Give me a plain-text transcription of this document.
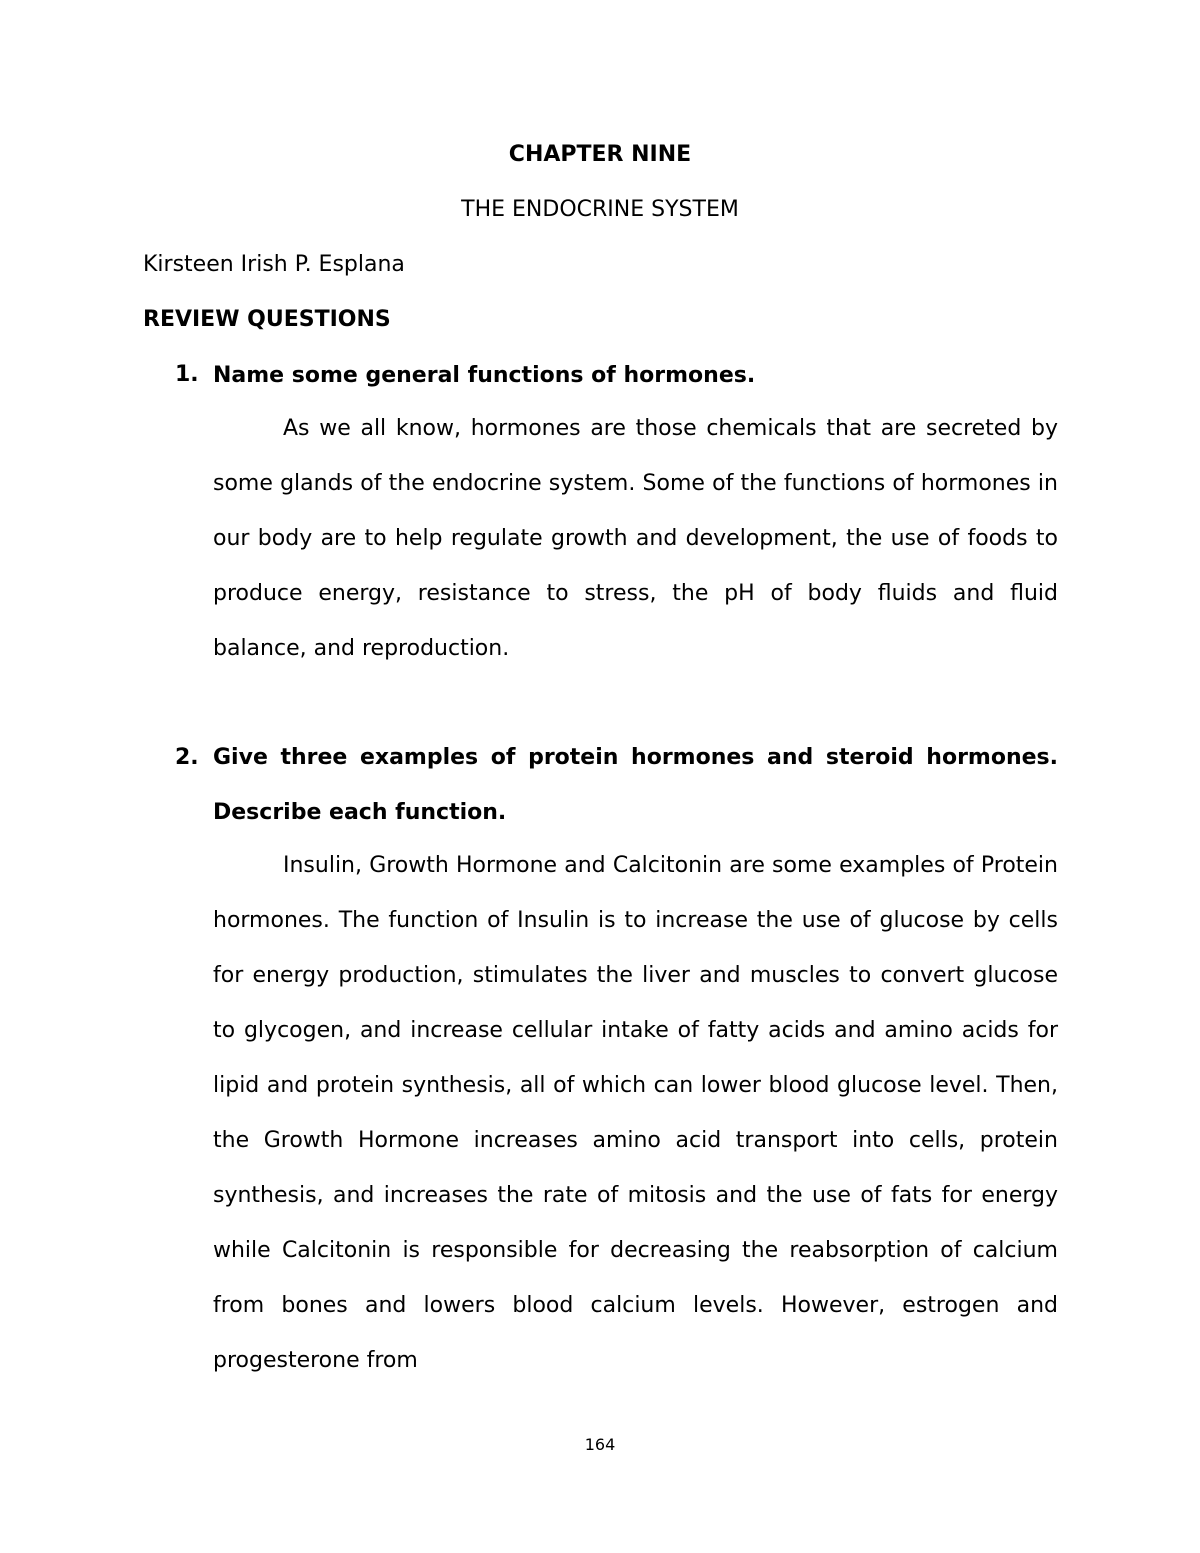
CHAPTER NINE
THE ENDOCRINE SYSTEM
Kirsteen Irish P. Esplana
REVIEW QUESTIONS
1. Name some general functions of hormones.

As we all know, hormones are those chemicals that are secreted by some glands of the endocrine system. Some of the functions of hormones in our body are to help regulate growth and development, the use of foods to produce energy, resistance to stress, the pH of body fluids and fluid balance, and reproduction.

2. Give three examples of protein hormones and steroid hormones. Describe each function.

Insulin, Growth Hormone and Calcitonin are some examples of Protein hormones. The function of Insulin is to increase the use of glucose by cells for energy production, stimulates the liver and muscles to convert glucose to glycogen, and increase cellular intake of fatty acids and amino acids for lipid and protein synthesis, all of which can lower blood glucose level. Then, the Growth Hormone increases amino acid transport into cells, protein synthesis, and increases the rate of mitosis and the use of fats for energy while Calcitonin is responsible for decreasing the reabsorption of calcium from bones and lowers blood calcium levels. However, estrogen and progesterone from

164
